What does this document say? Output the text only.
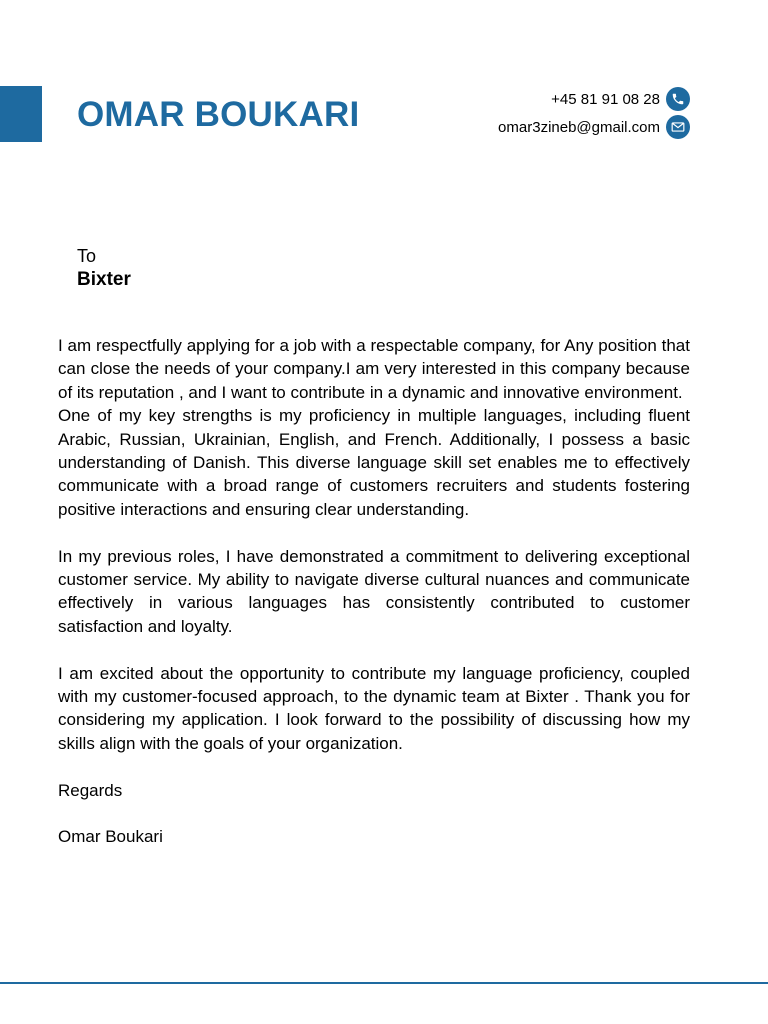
OMAR BOUKARI	+45 81 91 08 28
omar3zineb@gmail.com
To
Bixter

I am respectfully applying for a job with a respectable company, for Any position that can close the needs of your company.I am very interested in this company because of its reputation , and I want to contribute in a dynamic and innovative environment.

One of my key strengths is my proficiency in multiple languages, including fluent Arabic, Russian, Ukrainian, English, and French. Additionally, I possess a basic understanding of Danish. This diverse language skill set enables me to effectively communicate with a broad range of customers recruiters and students fostering positive interactions and ensuring clear understanding.

In my previous roles, I have demonstrated a commitment to delivering exceptional customer service. My ability to navigate diverse cultural nuances and communicate effectively in various languages has consistently contributed to customer satisfaction and loyalty.

I am excited about the opportunity to contribute my language proficiency, coupled with my customer-focused approach, to the dynamic team at Bixter . Thank you for considering my application. I look forward to the possibility of discussing how my skills align with the goals of your organization.

Regards

Omar Boukari
